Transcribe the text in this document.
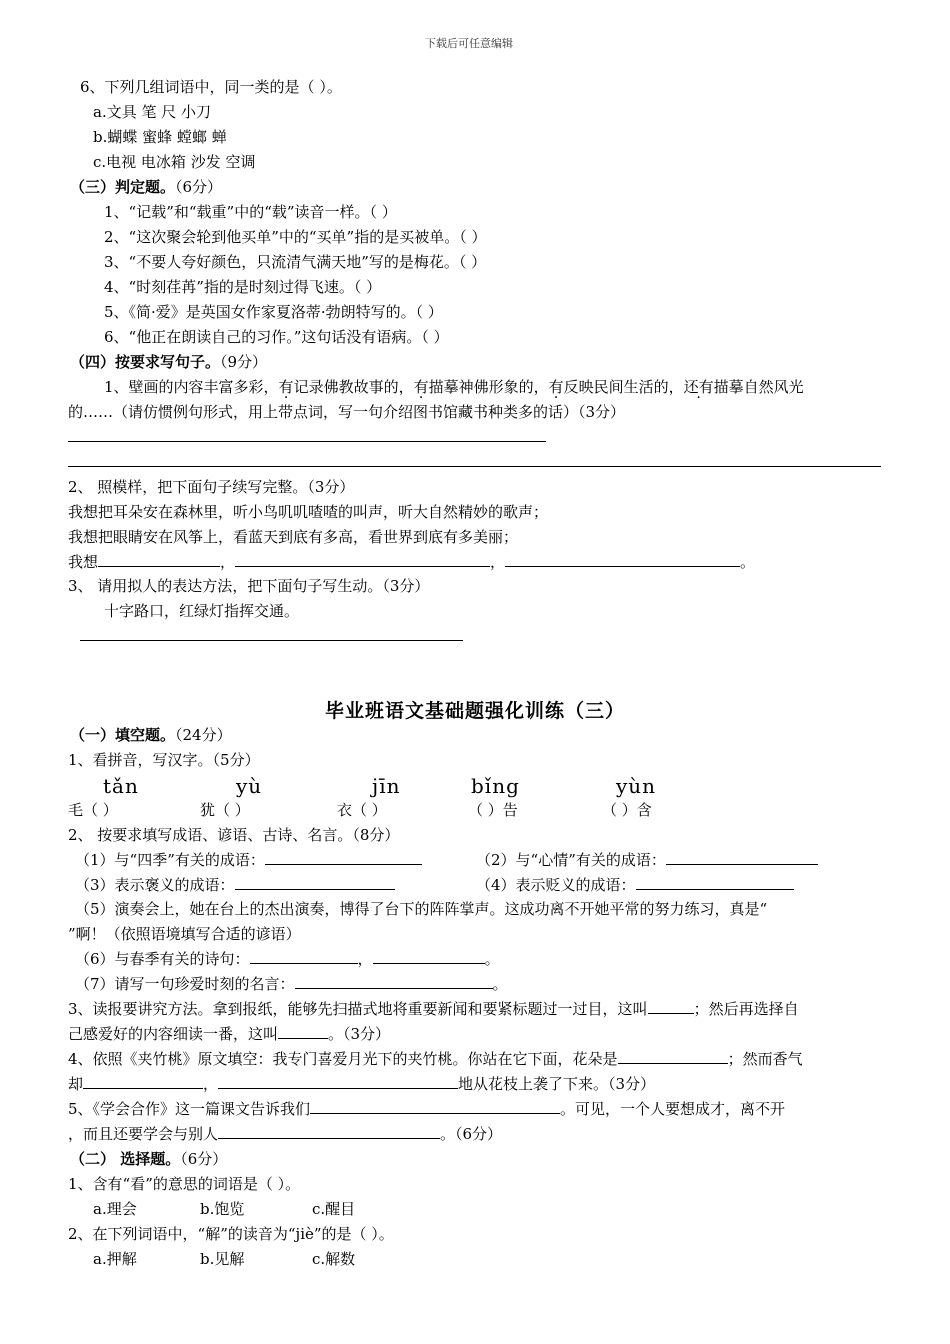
下载后可任意编辑
6、下列几组词语中，同一类的是（ ）。
a.文具 笔 尺 小刀
b.蝴蝶 蜜蜂 螳螂 蝉
c.电视 电冰箱 沙发 空调
（三）判定题。（6分）
1、“记载”和“载重”中的“载”读音一样。（ ）
2、“这次聚会轮到他买单”中的“买单”指的是买被单。（ ）
3、“不要人夸好颜色，只流清气满天地”写的是梅花。（ ）
4、“时刻荏苒”指的是时刻过得飞速。（ ）
5、《简·爱》是英国女作家夏洛蒂·勃朗特写的。（ ）
6、“他正在朗读自己的习作。”这句话没有语病。（ ）
（四）按要求写句子。（9分）
1、壁画的内容丰富多彩，有记录佛教故事的，有描摹神佛形象的，有反映民间生活的，还有描摹自然风光
的……（请仿惯例句形式，用上带点词，写一句介绍图书馆藏书种类多的话）（3分）
2、 照模样，把下面句子续写完整。（3分）
我想把耳朵安在森林里，听小鸟叽叽喳喳的叫声，听大自然精妙的歌声；
我想把眼睛安在风筝上，看蓝天到底有多高，看世界到底有多美丽；
我想	，	，	。
3、 请用拟人的表达方法，把下面句子写生动。（3分）
十字路口，红绿灯指挥交通。
毕业班语文基础题强化训练（三）
（一）填空题。（24分）
1、看拼音，写汉字。（5分）
tǎn	yù	jīn	bǐng	yùn
毛（ ）	犹（ ）	衣（ ）	（ ）告	（ ）含
2、 按要求填写成语、谚语、古诗、名言。（8分）
（1）与“四季”有关的成语：	（2）与“心情”有关的成语：
（3）表示褒义的成语：	（4）表示贬义的成语：
（5）演奏会上，她在台上的杰出演奏，博得了台下的阵阵掌声。这成功离不开她平常的努力练习，真是“
”啊！（依照语境填写合适的谚语）
（6）与春季有关的诗句：	，	。
（7）请写一句珍爱时刻的名言：	。
3、读报要讲究方法。拿到报纸，能够先扫描式地将重要新闻和要紧标题过一过目，这叫	；然后再选择自
己感爱好的内容细读一番，这叫	。（3分）
4、依照《夹竹桃》原文填空：我专门喜爱月光下的夹竹桃。你站在它下面，花朵是	；然而香气
却	，	地从花枝上袭了下来。（3分）
5、《学会合作》这一篇课文告诉我们	。可见，一个人要想成才，离不开
，而且还要学会与别人	。（6分）
（二） 选择题。（6分）
1、含有“看”的意思的词语是（ ）。
a.理会	b.饱览	c.醒目
2、在下列词语中，“解”的读音为“jiè”的是（ ）。
a.押解	b.见解	c.解数
